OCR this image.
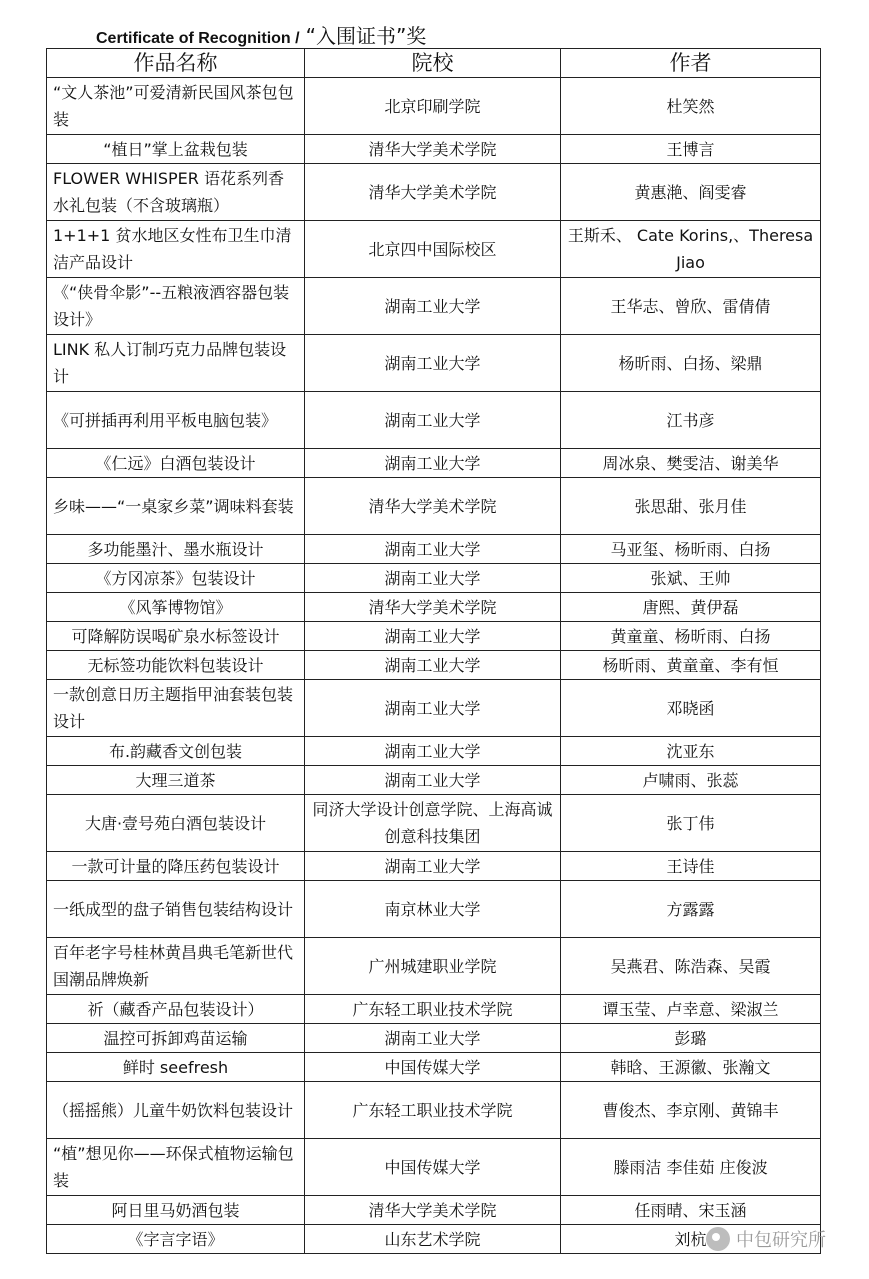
Certificate of Recognition / “入围证书”奖
作品名称	院校	作者
“文人茶池”可爱清新民国风茶包包装	北京印刷学院	杜笑然
“植日”掌上盆栽包装	清华大学美术学院	王博言
FLOWER WHISPER 语花系列香水礼包装（不含玻璃瓶）	清华大学美术学院	黄惠滟、阎雯睿
1+1+1 贫水地区女性布卫生巾清洁产品设计	北京四中国际校区	王斯禾、 Cate Korins,、Theresa Jiao
《“侠骨伞影”--五粮液酒容器包装设计》	湖南工业大学	王华志、曾欣、雷倩倩
LINK 私人订制巧克力品牌包装设计	湖南工业大学	杨昕雨、白扬、梁鼎
《可拼插再利用平板电脑包装》	湖南工业大学	江书彦
《仁远》白酒包装设计	湖南工业大学	周冰泉、樊雯洁、谢美华
乡味——“一桌家乡菜”调味料套装	清华大学美术学院	张思甜、张月佳
多功能墨汁、墨水瓶设计	湖南工业大学	马亚玺、杨昕雨、白扬
《方冈凉茶》包装设计	湖南工业大学	张斌、王帅
《风筝博物馆》	清华大学美术学院	唐熙、黄伊磊
可降解防误喝矿泉水标签设计	湖南工业大学	黄童童、杨昕雨、白扬
无标签功能饮料包装设计	湖南工业大学	杨昕雨、黄童童、李有恒
一款创意日历主题指甲油套装包装设计	湖南工业大学	邓晓函
布.韵藏香文创包装	湖南工业大学	沈亚东
大理三道茶	湖南工业大学	卢啸雨、张蕊
大唐·壹号苑白酒包装设计	同济大学设计创意学院、上海高诚创意科技集团	张丁伟
一款可计量的降压药包装设计	湖南工业大学	王诗佳
一纸成型的盘子销售包装结构设计	南京林业大学	方露露
百年老字号桂林黄昌典毛笔新世代国潮品牌焕新	广州城建职业学院	吴燕君、陈浩森、吴霞
祈（藏香产品包装设计）	广东轻工职业技术学院	谭玉莹、卢幸意、梁淑兰
温控可拆卸鸡苗运输	湖南工业大学	彭璐
鲜时 seefresh	中国传媒大学	韩晗、王源徽、张瀚文
（摇摇熊）儿童牛奶饮料包装设计	广东轻工职业技术学院	曹俊杰、李京刚、黄锦丰
“植”想见你——环保式植物运输包装	中国传媒大学	滕雨洁 李佳茹 庄俊波
阿日里马奶酒包装	清华大学美术学院	任雨晴、宋玉涵
《字言字语》	山东艺术学院	刘杭 中包研究所
